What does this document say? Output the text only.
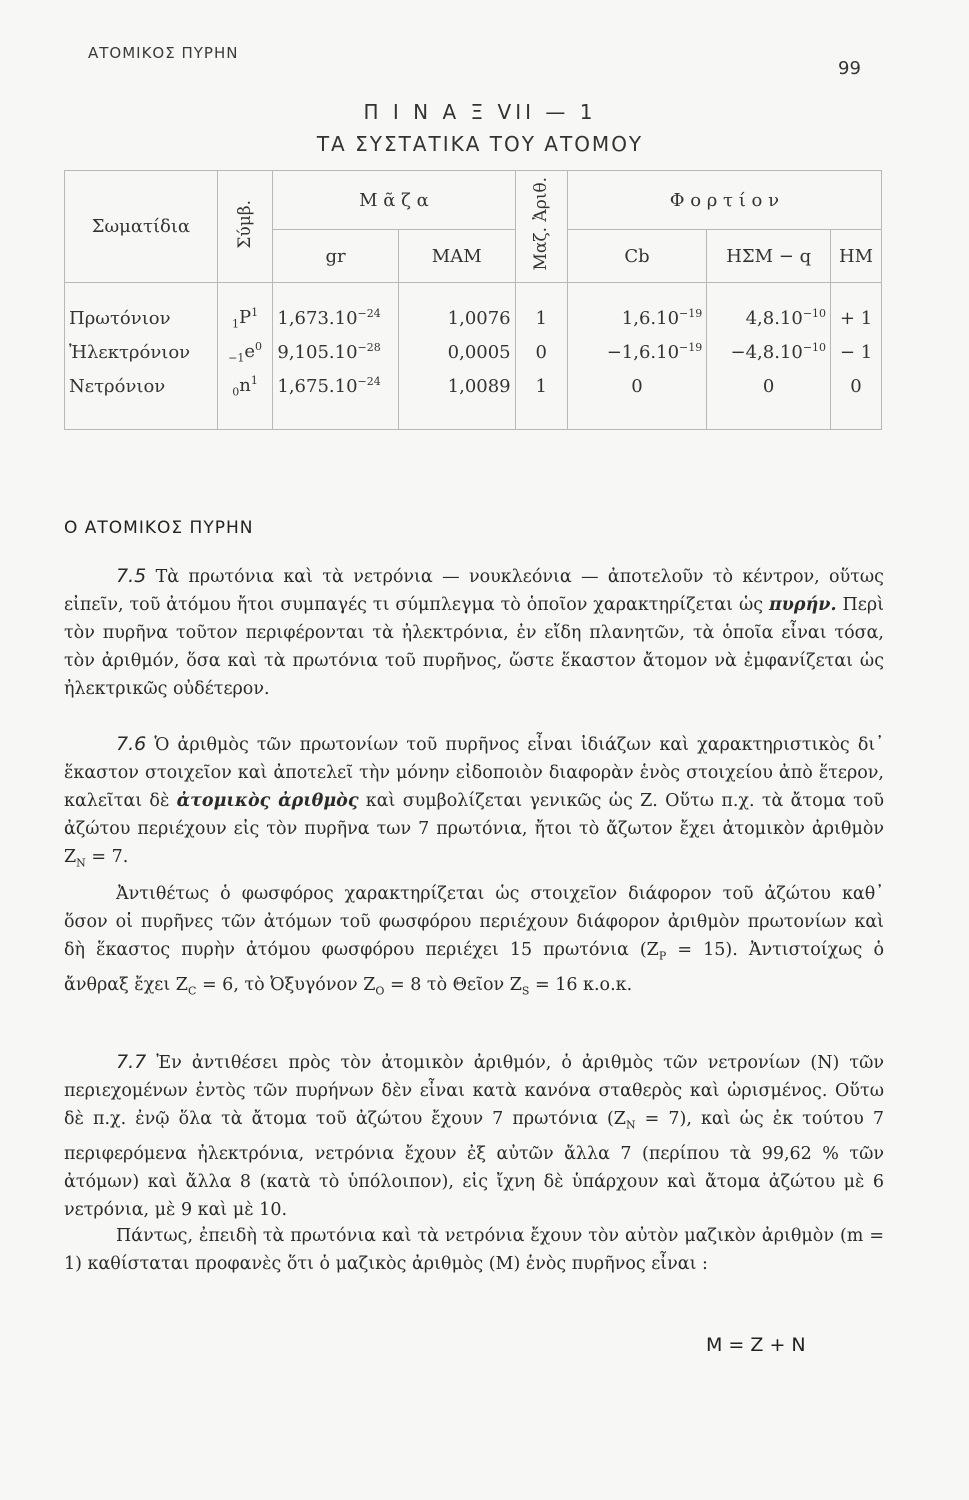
ΑΤΟΜΙΚΟΣ ΠΥΡΗΝ
99
Π Ι Ν Α Ξ VII — 1
ΤΑ ΣΥΣΤΑΤΙΚΑ ΤΟΥ ΑΤΟΜΟΥ
Σωματίδια	Σύμβ.	Μ ᾶ ζ α		Μαζ. Ἀριθ.	Φ ο ρ τ ί ο ν		
		gr	MAM		Cb	ΗΣΜ − q	ΗΜ
Πρωτόνιον	$_1P^1$	$1,673.10^{-24}$	1,0076	1	$1,6.10^{-19}$	$4,8.10^{-10}$	+ 1
Ἠλεκτρόνιον	$_{-1}e^0$	$9,105.10^{-28}$	0,0005	0	$-1,6.10^{-19}$	$-4,8.10^{-10}$	− 1
Νετρόνιον	$_0n^1$	$1,675.10^{-24}$	1,0089	1	0	0	0
Ο ΑΤΟΜΙΚΟΣ ΠΥΡΗΝ
7.5 Τὰ πρωτόνια καὶ τὰ νετρόνια — νουκλεόνια — ἀποτελοῦν τὸ κέντρον, οὕτως εἰπεῖν, τοῦ ἀτόμου ἤτοι συμπαγές τι σύμπλεγμα τὸ ὁποῖον χαρακτηρίζεται ὡς πυρήν. Περὶ τὸν πυρῆνα τοῦτον περιφέρονται τὰ ἠλεκτρόνια, ἐν εἴδη πλανητῶν, τὰ ὁποῖα εἶναι τόσα, τὸν ἀριθμόν, ὅσα καὶ τὰ πρωτόνια τοῦ πυρῆνος, ὥστε ἕκαστον ἄτομον νὰ ἐμφανίζεται ὡς ἠλεκτρικῶς οὐδέτερον.
7.6 Ὁ ἀριθμὸς τῶν πρωτονίων τοῦ πυρῆνος εἶναι ἰδιάζων καὶ χαρακτηριστικὸς δι᾽ ἕκαστον στοιχεῖον καὶ ἀποτελεῖ τὴν μόνην εἰδοποιὸν διαφορὰν ἑνὸς στοιχείου ἀπὸ ἕτερον, καλεῖται δὲ ἀτομικὸς ἀριθμὸς καὶ συμβολίζεται γενικῶς ὡς Ζ. Οὕτω π.χ. τὰ ἄτομα τοῦ ἀζώτου περιέχουν εἰς τὸν πυρῆνα των 7 πρωτόνια, ἤτοι τὸ ἄζωτον ἔχει ἀτομικὸν ἀριθμὸν $Z_N = 7$.
Ἀντιθέτως ὁ φωσφόρος χαρακτηρίζεται ὡς στοιχεῖον διάφορον τοῦ ἀζώτου καθ᾽ ὅσον οἱ πυρῆνες τῶν ἀτόμων τοῦ φωσφόρου περιέχουν διάφορον ἀριθμὸν πρωτονίων καὶ δὴ ἕκαστος πυρὴν ἀτόμου φωσφόρου περιέχει 15 πρωτόνια $(Z_P = 15)$. Ἀντιστοίχως ὁ ἄνθραξ ἔχει $Z_C = 6$, τὸ Ὀξυγόνον $Z_O = 8$ τὸ Θεῖον $Z_S = 16$ κ.ο.κ.
7.7 Ἐν ἀντιθέσει πρὸς τὸν ἀτομικὸν ἀριθμόν, ὁ ἀριθμὸς τῶν νετρονίων (N) τῶν περιεχομένων ἐντὸς τῶν πυρήνων δὲν εἶναι κατὰ κανόνα σταθερὸς καὶ ὡρισμένος. Οὕτω δὲ π.χ. ἐνῷ ὅλα τὰ ἄτομα τοῦ ἀζώτου ἔχουν 7 πρωτόνια $(Z_N = 7)$, καὶ ὡς ἐκ τούτου 7 περιφερόμενα ἠλεκτρόνια, νετρόνια ἔχουν ἐξ αὐτῶν ἄλλα 7 (περίπου τὰ 99,62 % τῶν ἀτόμων) καὶ ἄλλα 8 (κατὰ τὸ ὑπόλοιπον), εἰς ἴχνη δὲ ὑπάρχουν καὶ ἄτομα ἀζώτου μὲ 6 νετρόνια, μὲ 9 καὶ μὲ 10.
Πάντως, ἐπειδὴ τὰ πρωτόνια καὶ τὰ νετρόνια ἔχουν τὸν αὐτὸν μαζικὸν ἀριθμὸν (m = 1) καθίσταται προφανὲς ὅτι ὁ μαζικὸς ἀριθμὸς (M) ἑνὸς πυρῆνος εἶναι :
M = Z + N
